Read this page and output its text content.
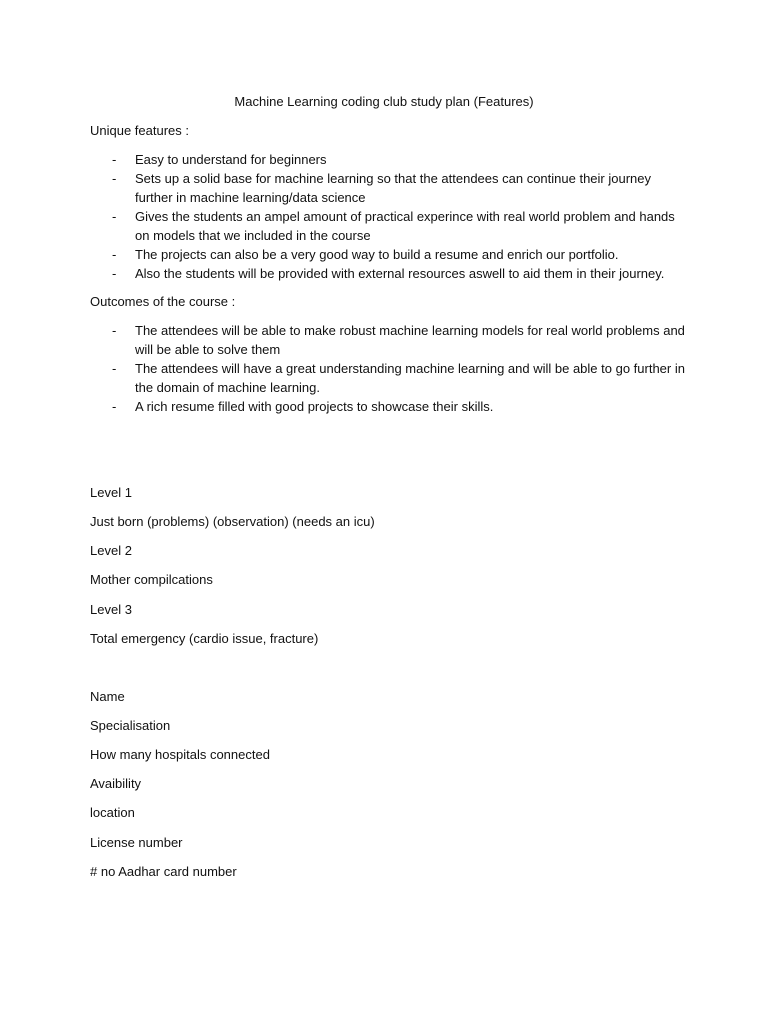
Machine Learning coding club study plan (Features)
Unique features :
- Easy to understand for beginners
- Sets up a solid base for machine learning so that the attendees can continue their journey further in machine learning/data science
- Gives the students an ampel amount of practical experince with real world problem and hands on models that we included in the course
- The projects can also be a very good way to build a resume and enrich our portfolio.
- Also the students will be provided with external resources aswell to aid them in their journey.
Outcomes of the course :
- The attendees will be able to make robust machine learning models for real world problems and will be able to solve them
- The attendees will have a great understanding machine learning and will be able to go further in the domain of machine learning.
- A rich resume filled with good projects to showcase their skills.
Level 1
Just born (problems) (observation) (needs an icu)
Level 2
Mother compilcations
Level 3
Total emergency (cardio issue, fracture)
Name
Specialisation
How many hospitals connected
Avaibility
location
License number
# no Aadhar card number
